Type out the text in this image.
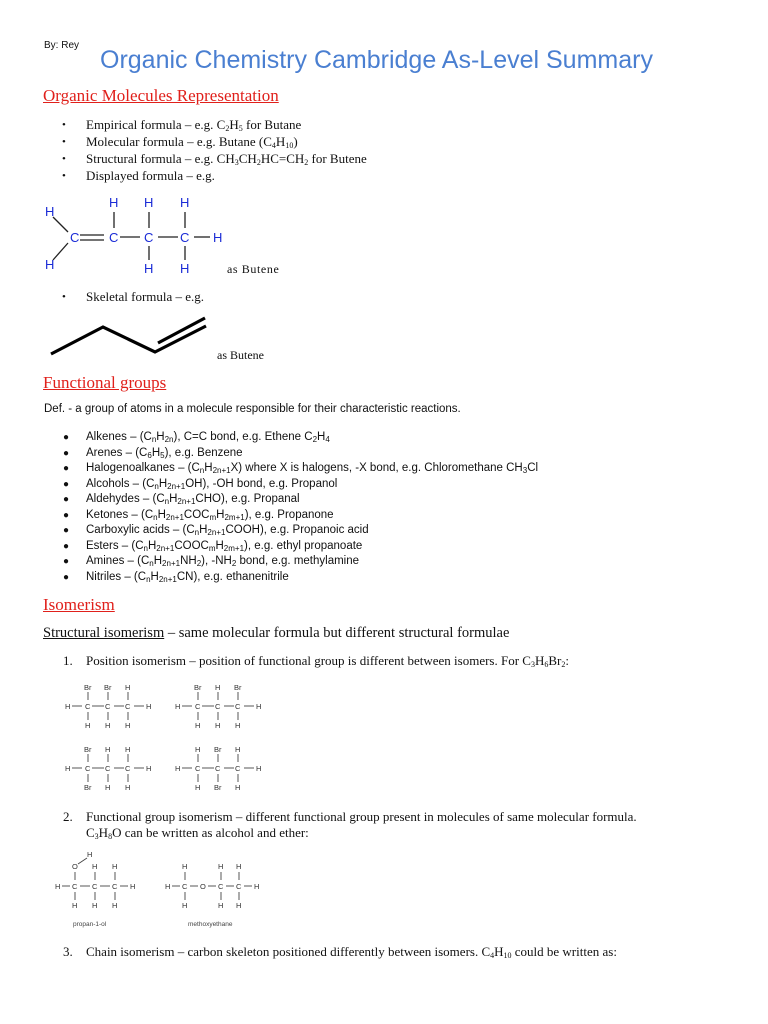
By: Rey
Organic Chemistry Cambridge As-Level Summary
Organic Molecules Representation
• Empirical formula – e.g. $C_2H_5$ for Butane
• Molecular formula – e.g. Butane $(C_4H_{10})$
• Structural formula – e.g. $CH_3CH_2HC=CH_2$ for Butene
• Displayed formula – e.g.
H
H
C C C C H
H H H
H H	as Butene
• Skeletal formula – e.g.
as Butene
Functional groups
Def. - a group of atoms in a molecule responsible for their characteristic reactions.
● Alkenes – $(C_nH_{2n})$, C=C bond, e.g. Ethene $C_2H_4$
● Arenes – $(C_6H_5)$, e.g. Benzene
● Halogenoalkanes – $(C_nH_{2n+1}X)$ where X is halogens, -X bond, e.g. Chloromethane $CH_3Cl$
● Alcohols – $(C_nH_{2n+1}OH)$, -OH bond, e.g. Propanol
● Aldehydes – $(C_nH_{2n+1}CHO)$, e.g. Propanal
● Ketones – $(C_nH_{2n+1}COC_mH_{2m+1})$, e.g. Propanone
● Carboxylic acids – $(C_nH_{2n+1}COOH)$, e.g. Propanoic acid
● Esters – $(C_nH_{2n+1}COOC_mH_{2m+1})$, e.g. ethyl propanoate
● Amines – $(C_nH_{2n+1}NH_2)$, $-NH_2$ bond, e.g. methylamine
● Nitriles – $(C_nH_{2n+1}CN)$, e.g. ethanenitrile
Isomerism
Structural isomerism – same molecular formula but different structural formulae
1. Position isomerism – position of functional group is different between isomers. For $C_3H_6Br_2$:
Br Br H
H C C C H
H H H
Br H Br
H C C C H
H H H
Br H H
H C C C H
Br H H
H Br H
H C C C H
H Br H
2. Functional group isomerism – different functional group present in molecules of same molecular formula.
$C_3H_8O$ can be written as alcohol and ether:
H
O H H
H C C C H
H H H
H	H H
H C O C C H
H	H H
propan-1-ol	methoxyethane
3. Chain isomerism – carbon skeleton positioned differently between isomers. $C_4H_{10}$ could be written as:
